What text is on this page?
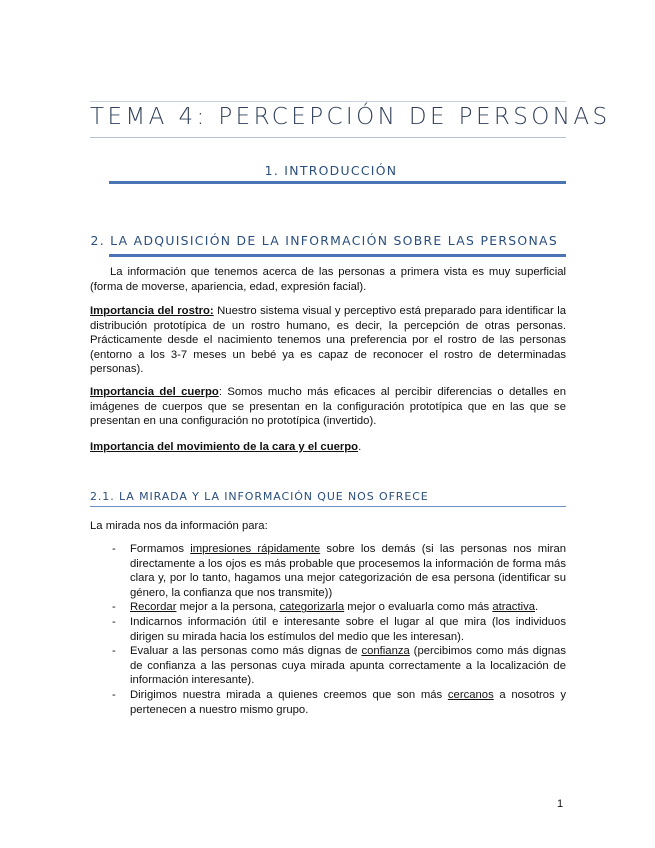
TEMA 4: PERCEPCIÓN DE PERSONAS
1. INTRODUCCIÓN
2. LA ADQUISICIÓN DE LA INFORMACIÓN SOBRE LAS PERSONAS
La información que tenemos acerca de las personas a primera vista es muy superficial (forma de moverse, apariencia, edad, expresión facial).
Importancia del rostro: Nuestro sistema visual y perceptivo está preparado para identificar la distribución prototípica de un rostro humano, es decir, la percepción de otras personas. Prácticamente desde el nacimiento tenemos una preferencia por el rostro de las personas (entorno a los 3-7 meses un bebé ya es capaz de reconocer el rostro de determinadas personas).
Importancia del cuerpo: Somos mucho más eficaces al percibir diferencias o detalles en imágenes de cuerpos que se presentan en la configuración prototípica que en las que se presentan en una configuración no prototípica (invertido).
Importancia del movimiento de la cara y el cuerpo.
2.1. LA MIRADA Y LA INFORMACIÓN QUE NOS OFRECE
La mirada nos da información para:
- Formamos impresiones rápidamente sobre los demás (si las personas nos miran directamente a los ojos es más probable que procesemos la información de forma más clara y, por lo tanto, hagamos una mejor categorización de esa persona (identificar su género, la confianza que nos transmite))
- Recordar mejor a la persona, categorizarla mejor o evaluarla como más atractiva.
- Indicarnos información útil e interesante sobre el lugar al que mira (los individuos dirigen su mirada hacia los estímulos del medio que les interesan).
- Evaluar a las personas como más dignas de confianza (percibimos como más dignas de confianza a las personas cuya mirada apunta correctamente a la localización de información interesante).
- Dirigimos nuestra mirada a quienes creemos que son más cercanos a nosotros y pertenecen a nuestro mismo grupo.
1
